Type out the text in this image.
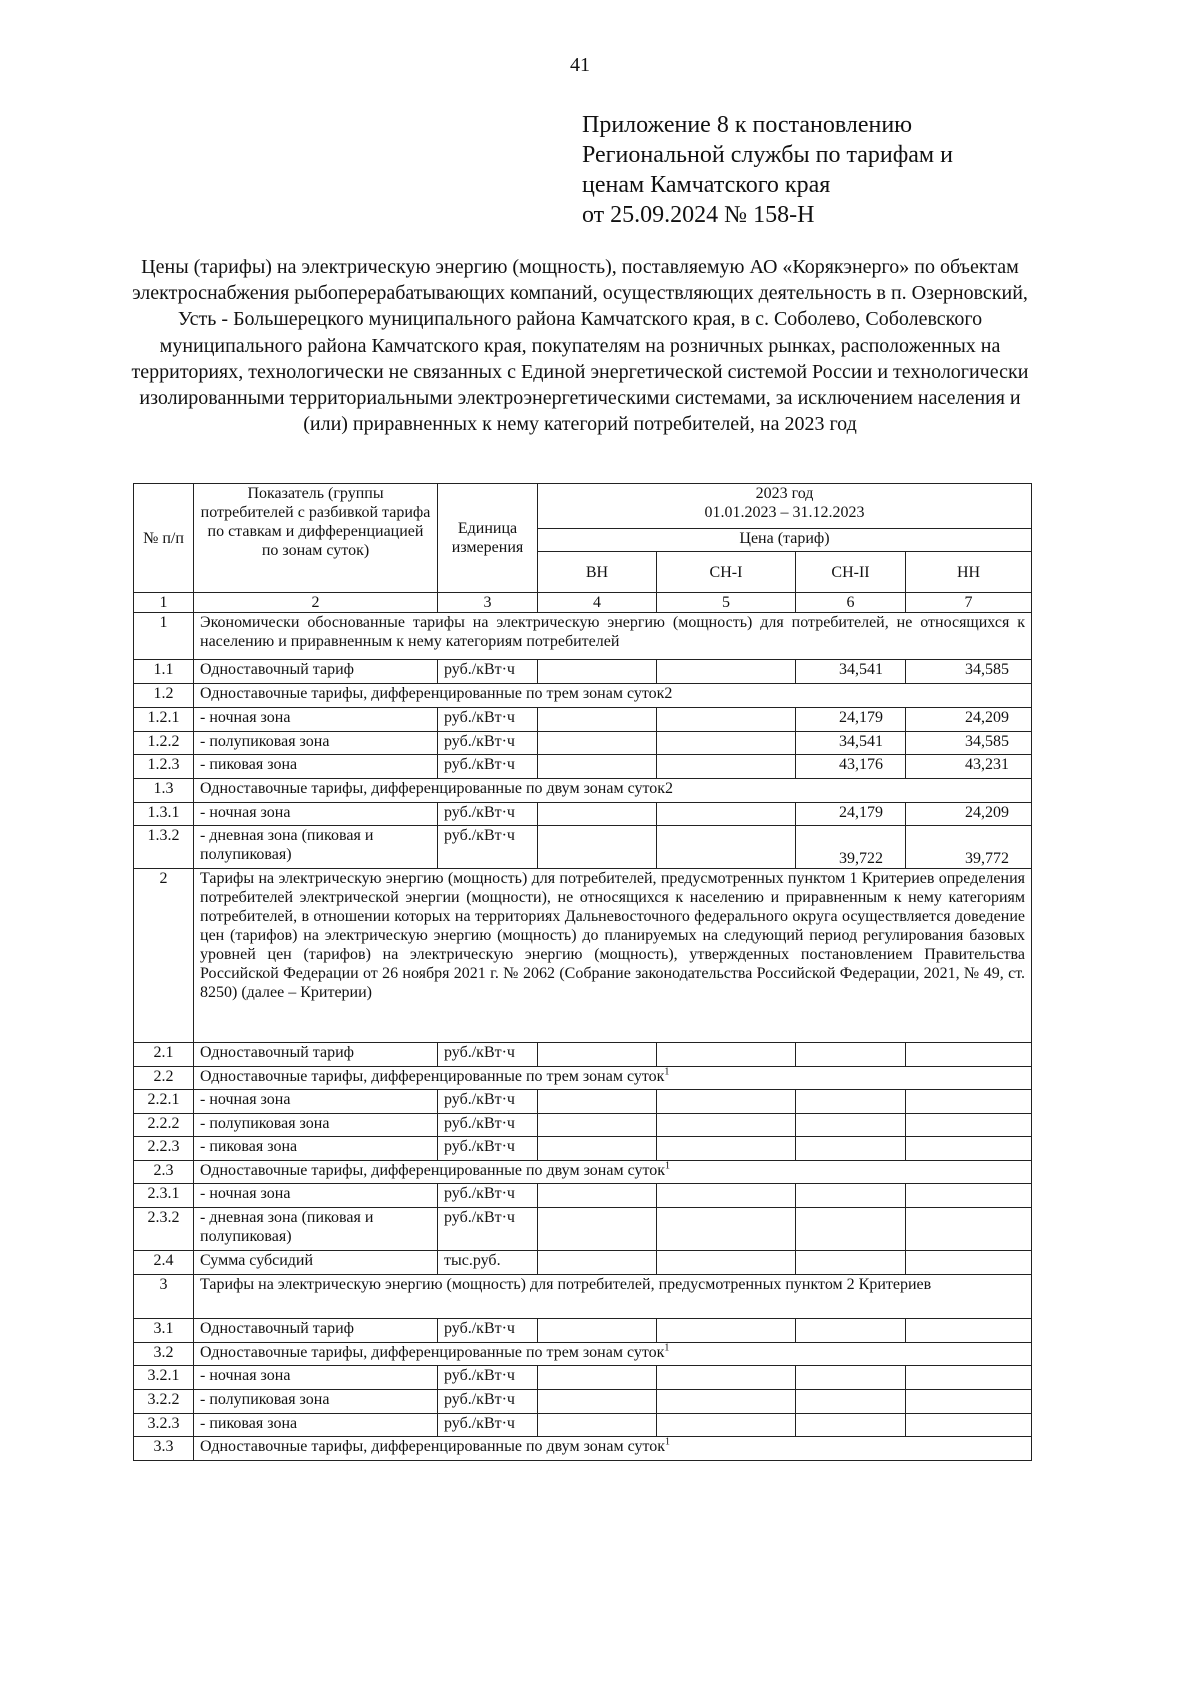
41
Приложение 8 к постановлению
Региональной службы по тарифам и
ценам Камчатского края
от 25.09.2024 № 158-Н
Цены (тарифы) на электрическую энергию (мощность), поставляемую АО «Корякэнерго» по объектам электроснабжения рыбоперерабатывающих компаний, осуществляющих деятельность в п. Озерновский, Усть - Большерецкого муниципального района Камчатского края, в с. Соболево, Соболевского муниципального района Камчатского края, покупателям на розничных рынках, расположенных на территориях, технологически не связанных с Единой энергетической системой России и технологически изолированными территориальными электроэнергетическими системами, за исключением населения и (или) приравненных к нему категорий потребителей, на 2023 год
№ п/п	Показатель (группы потребителей с разбивкой тарифа по ставкам и дифференциацией по зонам суток)	Единица измерения	2023 год
01.01.2023 – 31.12.2023			

			Цена (тариф)			
			ВН	СН-I	СН-II	НН
1	2	3	4	5	6	7
1	Экономически обоснованные тарифы на электрическую энергию (мощность) для потребителей, не относящихся к населению и приравненным к нему категориям потребителей					
1.1	Одноставочный тариф	руб./кВт·ч			34,541	34,585
1.2	Одноставочные тарифы, дифференцированные по трем зонам суток2					
1.2.1	- ночная зона	руб./кВт·ч			24,179	24,209
1.2.2	- полупиковая зона	руб./кВт·ч			34,541	34,585
1.2.3	- пиковая зона	руб./кВт·ч			43,176	43,231
1.3	Одноставочные тарифы, дифференцированные по двум зонам суток2					
1.3.1	- ночная зона	руб./кВт·ч			24,179	24,209
1.3.2	- дневная зона (пиковая и полупиковая)	руб./кВт·ч			39,722	39,772
2	Тарифы на электрическую энергию (мощность) для потребителей, предусмотренных пунктом 1 Критериев определения потребителей электрической энергии (мощности), не относящихся к населению и приравненным к нему категориям потребителей, в отношении которых на территориях Дальневосточного федерального округа осуществляется доведение цен (тарифов) на электрическую энергию (мощность) до планируемых на следующий период регулирования базовых уровней цен (тарифов) на электрическую энергию (мощность), утвержденных постановлением Правительства Российской Федерации от 26 ноября 2021 г. № 2062 (Собрание законодательства Российской Федерации, 2021, № 49, ст. 8250) (далее – Критерии)					
2.1	Одноставочный тариф	руб./кВт·ч				
2.2	Одноставочные тарифы, дифференцированные по трем зонам суток$^1$
2.2.1	- ночная зона	руб./кВт·ч				
2.2.2	- полупиковая зона	руб./кВт·ч				
2.2.3	- пиковая зона	руб./кВт·ч				
2.3	Одноставочные тарифы, дифференцированные по двум зонам суток$^1$
2.3.1	- ночная зона	руб./кВт·ч				
2.3.2	- дневная зона (пиковая и полупиковая)	руб./кВт·ч				
2.4	Сумма субсидий	тыс.руб.				
3	Тарифы на электрическую энергию (мощность) для потребителей, предусмотренных пунктом 2 Критериев					
3.1	Одноставочный тариф	руб./кВт·ч				
3.2	Одноставочные тарифы, дифференцированные по трем зонам суток$^1$
3.2.1	- ночная зона	руб./кВт·ч				
3.2.2	- полупиковая зона	руб./кВт·ч				
3.2.3	- пиковая зона	руб./кВт·ч				
3.3	Одноставочные тарифы, дифференцированные по двум зонам суток$^1$
